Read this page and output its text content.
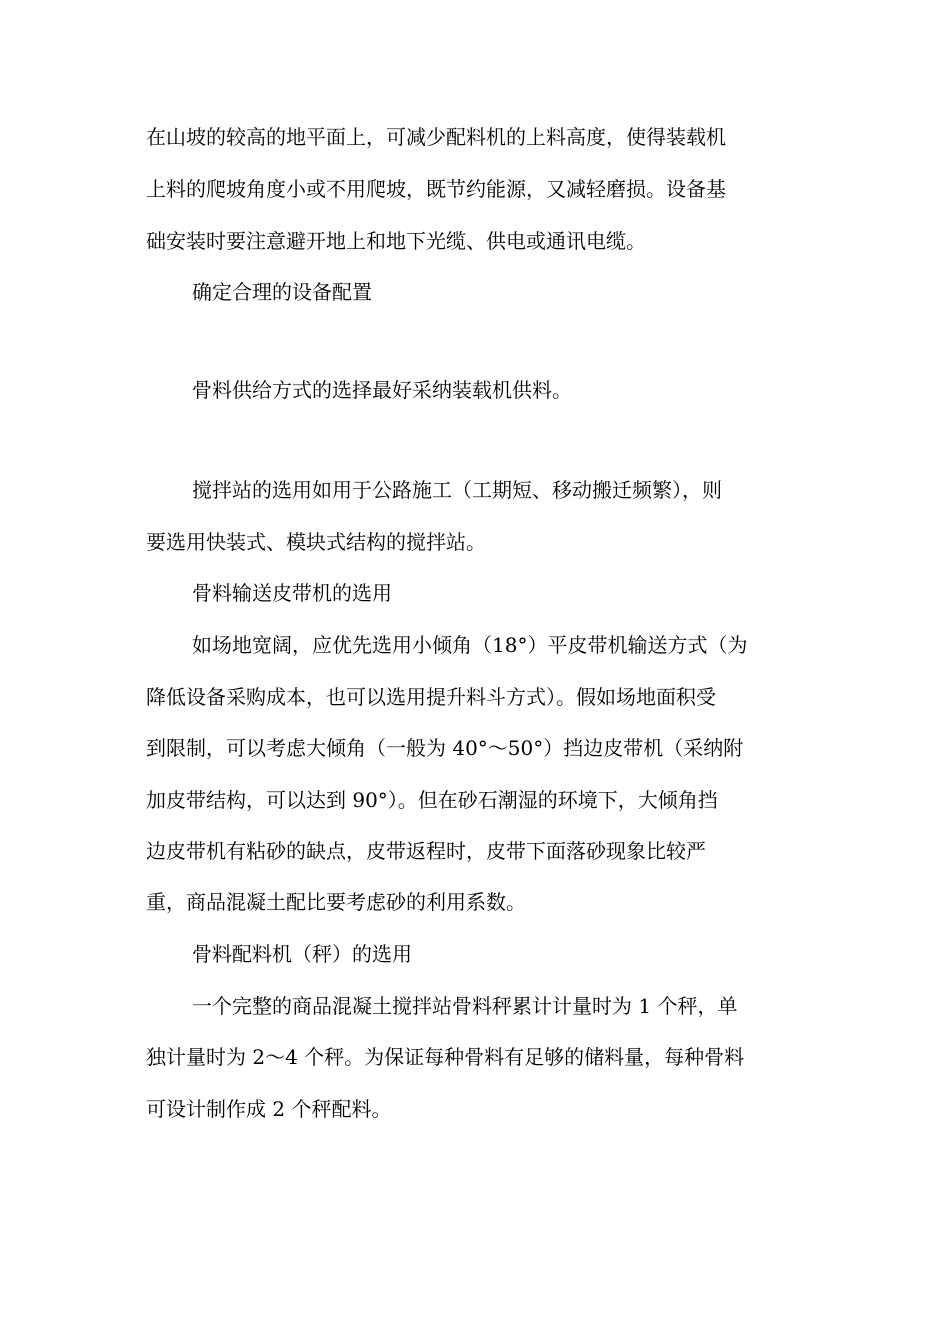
在山坡的较高的地平面上，可减少配料机的上料高度，使得装载机
上料的爬坡角度小或不用爬坡，既节约能源，又减轻磨损。设备基
础安装时要注意避开地上和地下光缆、供电或通讯电缆。
确定合理的设备配置
骨料供给方式的选择最好采纳装载机供料。
搅拌站的选用如用于公路施工（工期短、移动搬迁频繁），则
要选用快装式、模块式结构的搅拌站。
骨料输送皮带机的选用
如场地宽阔，应优先选用小倾角（18°）平皮带机输送方式（为
降低设备采购成本，也可以选用提升料斗方式）。假如场地面积受
到限制，可以考虑大倾角（一般为 40°～50°）挡边皮带机（采纳附
加皮带结构，可以达到 90°）。但在砂石潮湿的环境下，大倾角挡
边皮带机有粘砂的缺点，皮带返程时，皮带下面落砂现象比较严
重，商品混凝土配比要考虑砂的利用系数。
骨料配料机（秤）的选用
一个完整的商品混凝土搅拌站骨料秤累计计量时为 1 个秤，单
独计量时为 2～4 个秤。为保证每种骨料有足够的储料量，每种骨料
可设计制作成 2 个秤配料。
